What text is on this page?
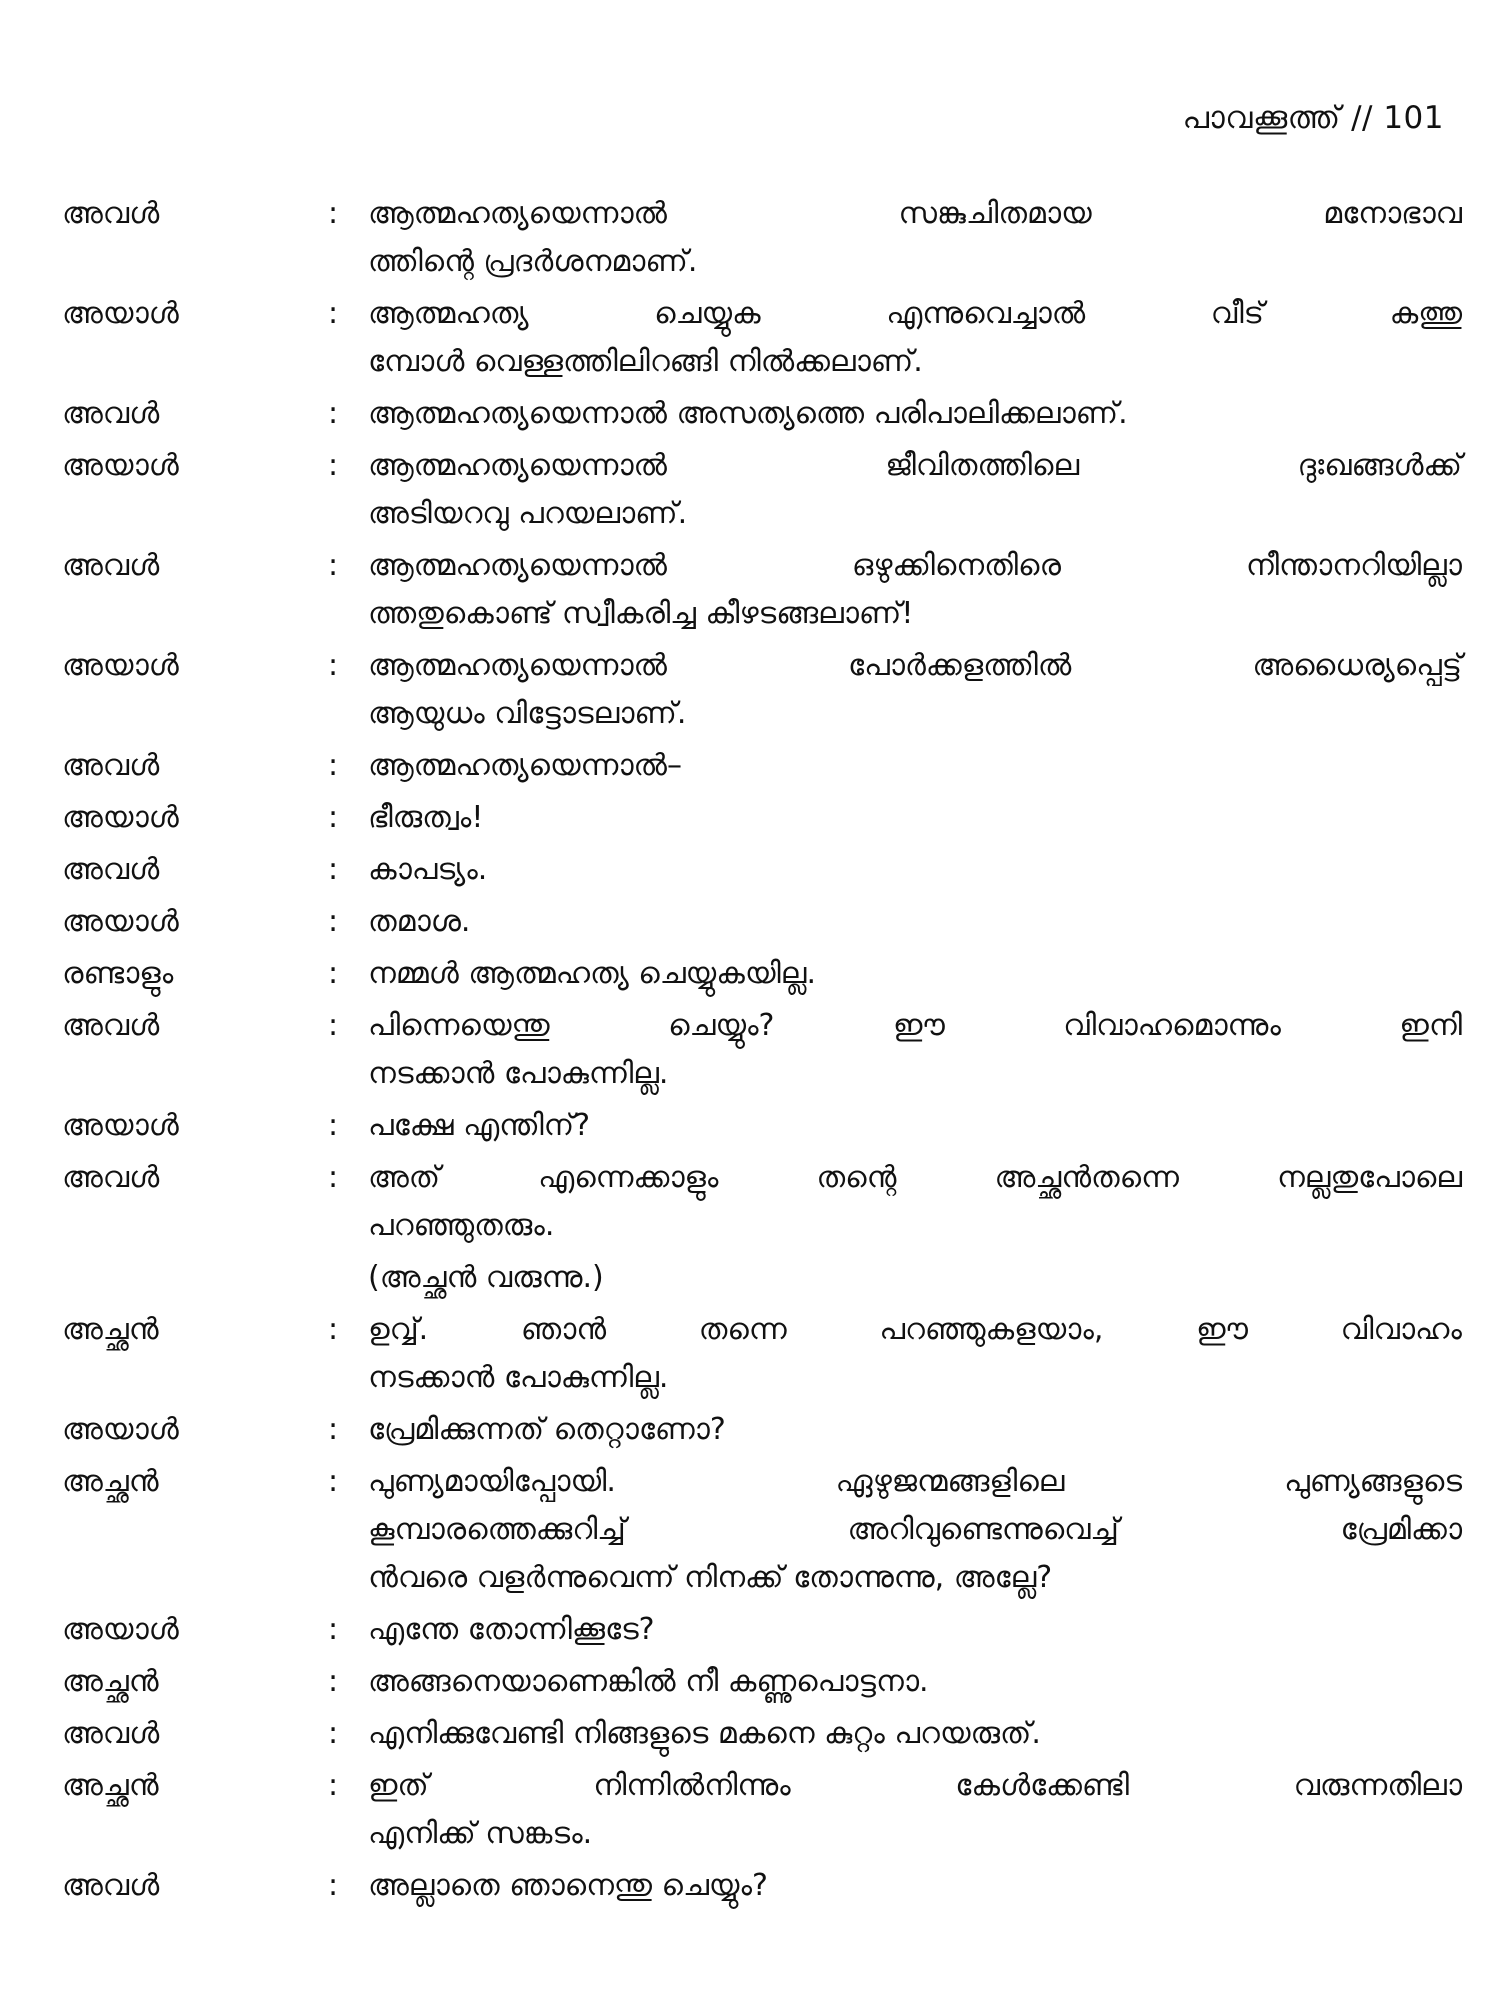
പാവക്കൂത്ത് // 101
അവൾ	: ആത്മഹത്യയെന്നാൽ സങ്കുചിതമായ മനോഭാവ
ത്തിന്റെ പ്രദർശനമാണ്.
അയാൾ	: ആത്മഹത്യ ചെയ്യുക എന്നുവെച്ചാൽ വീട് കത്തു
മ്പോൾ വെള്ളത്തിലിറങ്ങി നിൽക്കലാണ്.
അവൾ	: ആത്മഹത്യയെന്നാൽ അസത്യത്തെ പരിപാലിക്കലാണ്.
അയാൾ	: ആത്മഹത്യയെന്നാൽ ജീവിതത്തിലെ ദുഃഖങ്ങൾക്ക്
അടിയറവു പറയലാണ്.
അവൾ	: ആത്മഹത്യയെന്നാൽ ഒഴുക്കിനെതിരെ നീന്താനറിയില്ലാ
ത്തതുകൊണ്ട് സ്വീകരിച്ച കീഴടങ്ങലാണ്!
അയാൾ	: ആത്മഹത്യയെന്നാൽ പോർക്കളത്തിൽ അധൈര്യപ്പെട്ട്
ആയുധം വിട്ടോടലാണ്.
അവൾ	: ആത്മഹത്യയെന്നാൽ–
അയാൾ	: ഭീരുത്വം!
അവൾ	: കാപട്യം.
അയാൾ	: തമാശ.
രണ്ടാളും	: നമ്മൾ ആത്മഹത്യ ചെയ്യുകയില്ല.
അവൾ	: പിന്നെയെന്തു ചെയ്യും? ഈ വിവാഹമൊന്നും ഇനി
നടക്കാൻ പോകുന്നില്ല.
അയാൾ	: പക്ഷേ എന്തിന്?
അവൾ	: അത് എന്നെക്കാളും തന്റെ അച്ഛൻതന്നെ നല്ലതുപോലെ
പറഞ്ഞുതരും.
(അച്ഛൻ വരുന്നു.)
അച്ഛൻ	: ഉവ്വ്. ഞാൻ തന്നെ പറഞ്ഞുകളയാം, ഈ വിവാഹം
നടക്കാൻ പോകുന്നില്ല.
അയാൾ	: പ്രേമിക്കുന്നത് തെറ്റാണോ?
അച്ഛൻ	: പുണ്യമായിപ്പോയി. ഏഴുജന്മങ്ങളിലെ പുണ്യങ്ങളുടെ
കൂമ്പാരത്തെക്കുറിച്ച് അറിവുണ്ടെന്നുവെച്ച് പ്രേമിക്കാ
ൻവരെ വളർന്നുവെന്ന് നിനക്ക് തോന്നുന്നു, അല്ലേ?
അയാൾ	: എന്തേ തോന്നിക്കൂടേ?
അച്ഛൻ	: അങ്ങനെയാണെങ്കിൽ നീ കണ്ണുപൊട്ടനാ.
അവൾ	: എനിക്കുവേണ്ടി നിങ്ങളുടെ മകനെ കുറ്റം പറയരുത്.
അച്ഛൻ	: ഇത് നിന്നിൽനിന്നും കേൾക്കേണ്ടി വരുന്നതിലാ
എനിക്ക് സങ്കടം.
അവൾ	: അല്ലാതെ ഞാനെന്തു ചെയ്യും?
